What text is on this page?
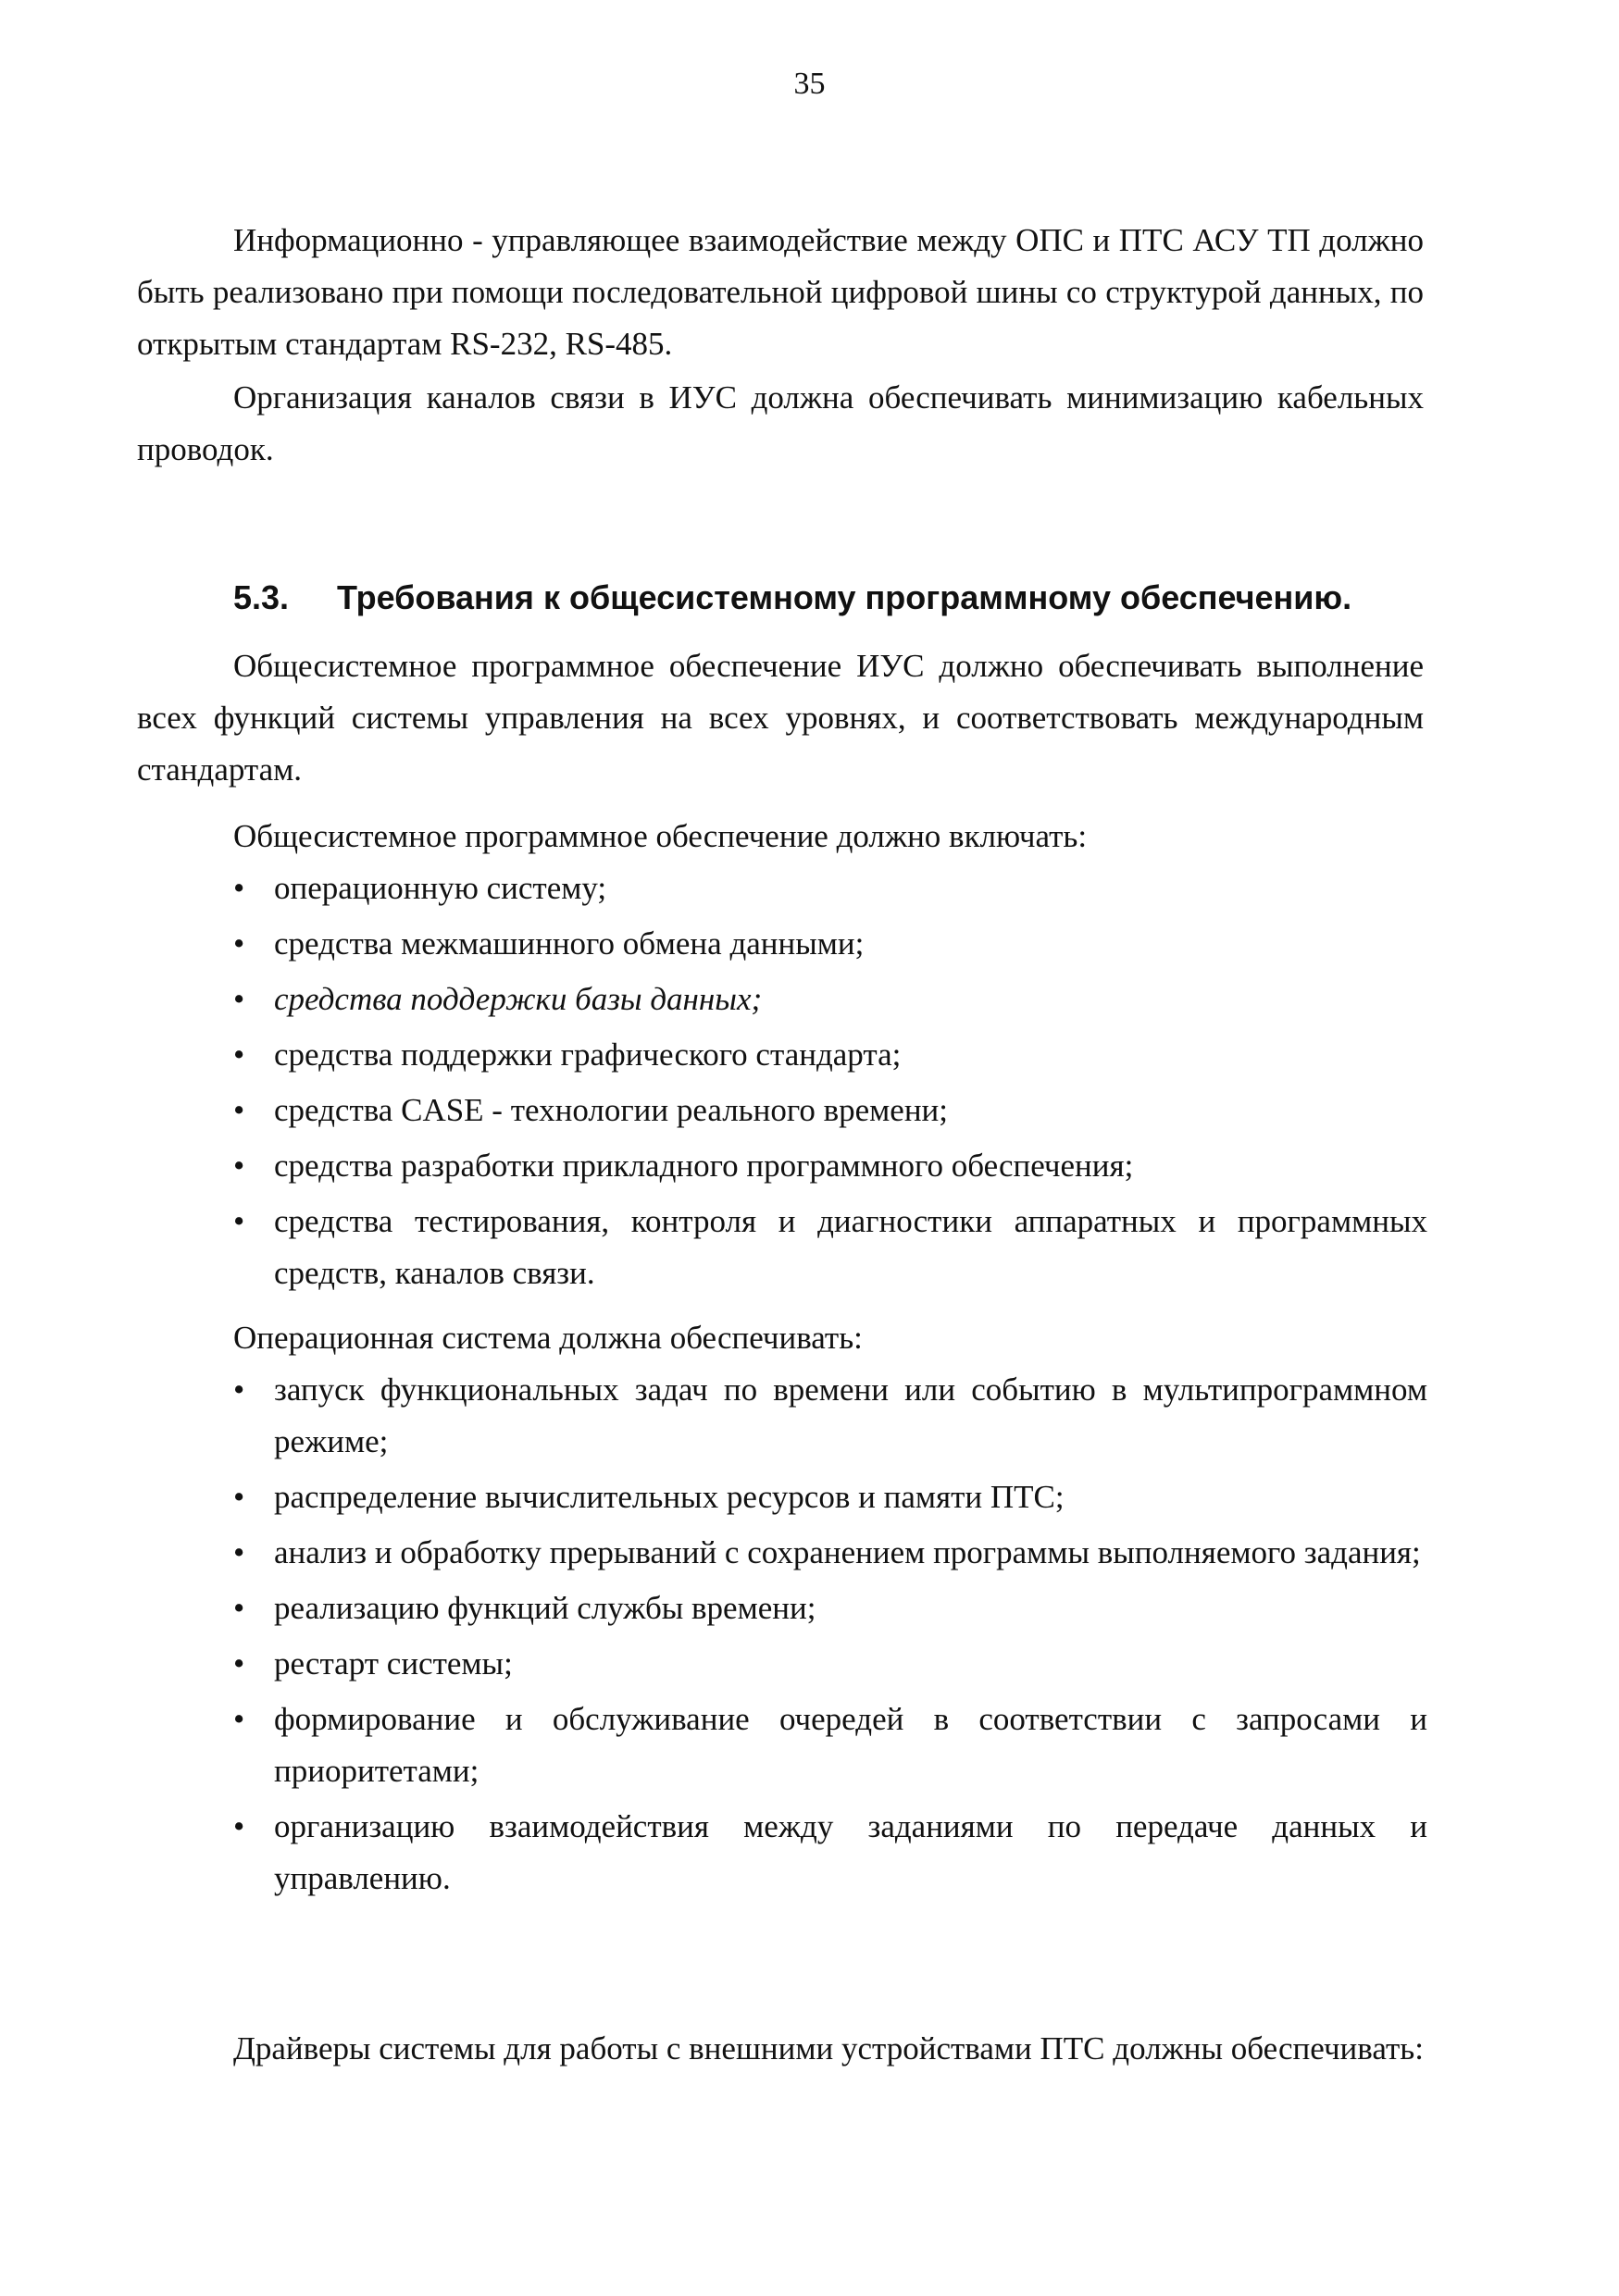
35

Информационно - управляющее взаимодействие между ОПС и ПТС АСУ ТП должно быть реализовано при помощи последовательной цифровой шины со структурой данных, по открытым стандартам RS-232, RS-485.

Организация каналов связи в ИУС должна обеспечивать минимизацию кабельных проводок.

5.3. Требования к общесистемному программному обеспечению.

Общесистемное программное обеспечение ИУС должно обеспечивать выполнение всех функций системы управления на всех уровнях, и соответствовать международным стандартам.

Общесистемное программное обеспечение должно включать:

• операционную систему;
• средства межмашинного обмена данными;
• средства поддержки базы данных;
• средства поддержки графического стандарта;
• средства CASE - технологии реального времени;
• средства разработки прикладного программного обеспечения;
• средства тестирования, контроля и диагностики аппаратных и программных средств, каналов связи.

Операционная система должна обеспечивать:

• запуск функциональных задач по времени или событию в мультипрограммном режиме;
• распределение вычислительных ресурсов и памяти ПТС;
• анализ и обработку прерываний с сохранением программы выполняемого задания;
• реализацию функций службы времени;
• рестарт системы;
• формирование и обслуживание очередей в соответствии с запросами и приоритетами;
• организацию взаимодействия между заданиями по передаче данных и управлению.

Драйверы системы для работы с внешними устройствами ПТС должны обеспечивать:
